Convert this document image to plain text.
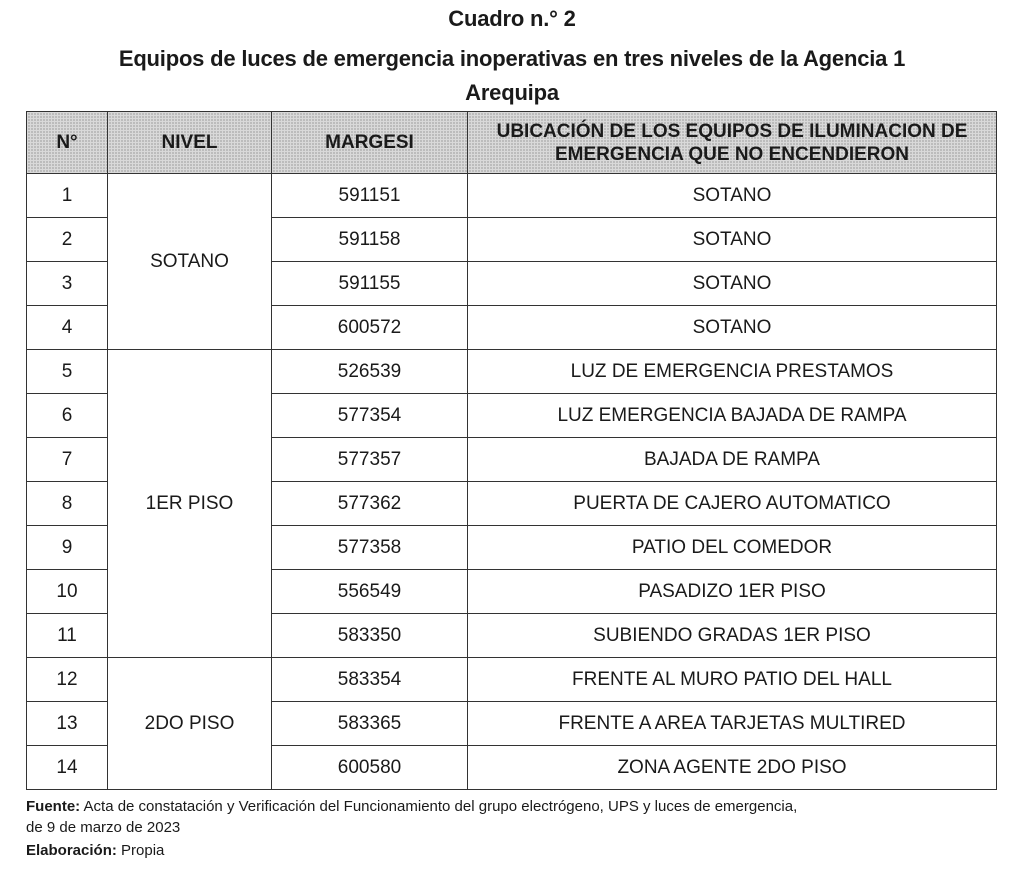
Cuadro n.° 2
Equipos de luces de emergencia inoperativas en tres niveles de la Agencia 1
Arequipa
N°	NIVEL	MARGESI	UBICACIÓN DE LOS EQUIPOS DE ILUMINACION DE
EMERGENCIA QUE NO ENCENDIERON
1	SOTANO	591151	SOTANO
2		591158	SOTANO
3		591155	SOTANO
4		600572	SOTANO
5	1ER PISO	526539	LUZ DE EMERGENCIA PRESTAMOS
6		577354	LUZ EMERGENCIA BAJADA DE RAMPA
7		577357	BAJADA DE RAMPA
8		577362	PUERTA DE CAJERO AUTOMATICO
9		577358	PATIO DEL COMEDOR
10		556549	PASADIZO 1ER PISO
11		583350	SUBIENDO GRADAS 1ER PISO
12	2DO PISO	583354	FRENTE AL MURO PATIO DEL HALL
13		583365	FRENTE A AREA TARJETAS MULTIRED
14		600580	ZONA AGENTE 2DO PISO
Fuente: Acta de constatación y Verificación del Funcionamiento del grupo electrógeno, UPS y luces de emergencia,
de 9 de marzo de 2023
Elaboración: Propia
